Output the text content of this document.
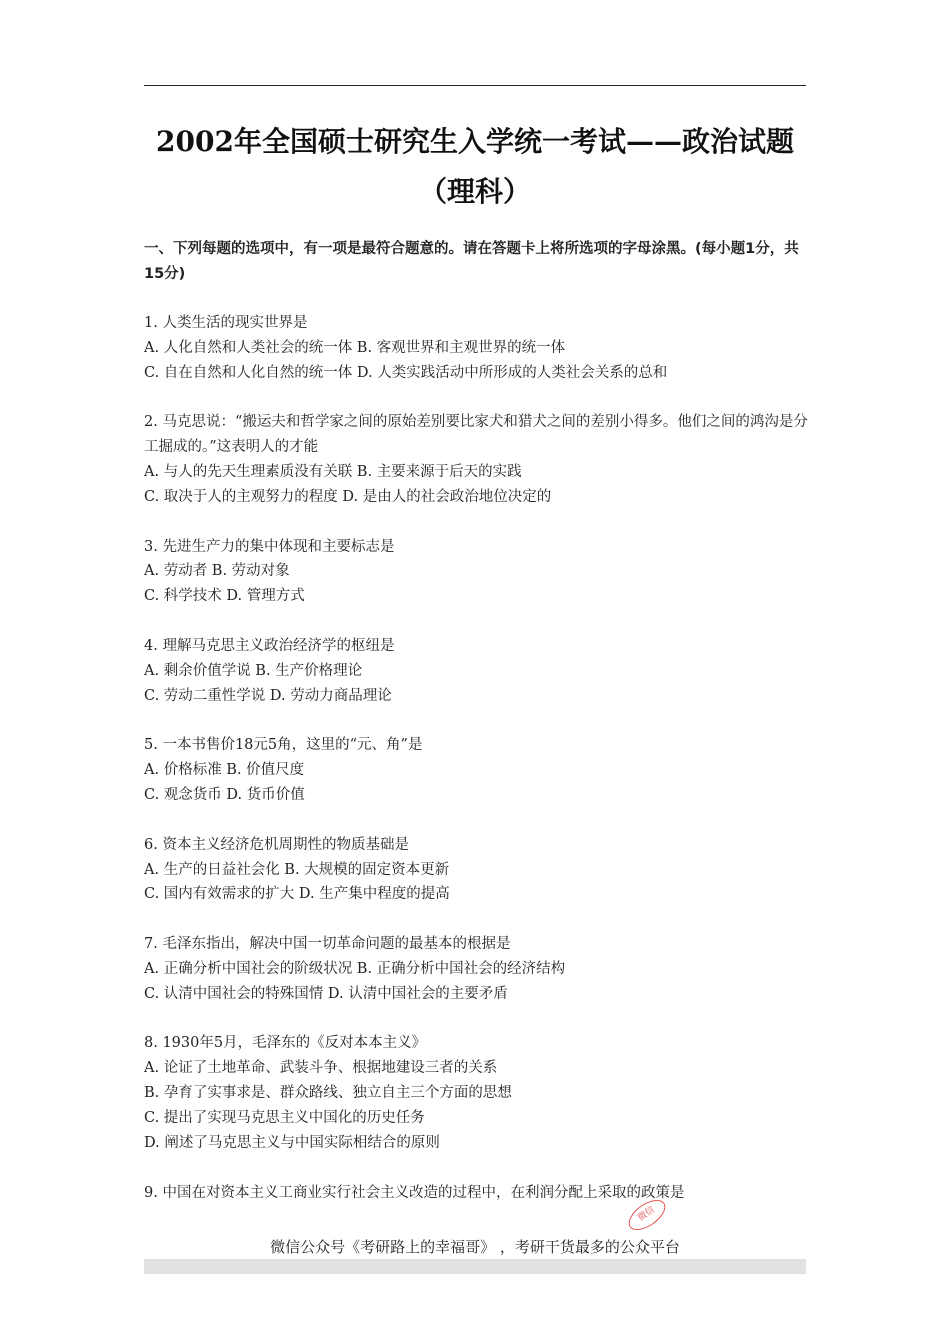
2002年全国硕士研究生入学统一考试——政治试题
（理科）
一、下列每题的选项中，有一项是最符合题意的。请在答题卡上将所选项的字母涂黑。(每小题1分，共15分)
1. 人类生活的现实世界是
A. 人化自然和人类社会的统一体 B. 客观世界和主观世界的统一体
C. 自在自然和人化自然的统一体 D. 人类实践活动中所形成的人类社会关系的总和
2. 马克思说：“搬运夫和哲学家之间的原始差别要比家犬和猎犬之间的差别小得多。他们之间的鸿沟是分工掘成的。”这表明人的才能
A. 与人的先天生理素质没有关联 B. 主要来源于后天的实践
C. 取决于人的主观努力的程度 D. 是由人的社会政治地位决定的
3. 先进生产力的集中体现和主要标志是
A. 劳动者 B. 劳动对象
C. 科学技术 D. 管理方式
4. 理解马克思主义政治经济学的枢纽是
A. 剩余价值学说 B. 生产价格理论
C. 劳动二重性学说 D. 劳动力商品理论
5. 一本书售价18元5角，这里的“元、角”是
A. 价格标准 B. 价值尺度
C. 观念货币 D. 货币价值
6. 资本主义经济危机周期性的物质基础是
A. 生产的日益社会化 B. 大规模的固定资本更新
C. 国内有效需求的扩大 D. 生产集中程度的提高
7. 毛泽东指出，解决中国一切革命问题的最基本的根据是
A. 正确分析中国社会的阶级状况 B. 正确分析中国社会的经济结构
C. 认清中国社会的特殊国情 D. 认清中国社会的主要矛盾
8. 1930年5月，毛泽东的《反对本本主义》
A. 论证了土地革命、武装斗争、根据地建设三者的关系
B. 孕育了实事求是、群众路线、独立自主三个方面的思想
C. 提出了实现马克思主义中国化的历史任务
D. 阐述了马克思主义与中国实际相结合的原则
9. 中国在对资本主义工商业实行社会主义改造的过程中，在利润分配上采取的政策是
微信
微信公众号《考研路上的幸福哥》 ，考研干货最多的公众平台
